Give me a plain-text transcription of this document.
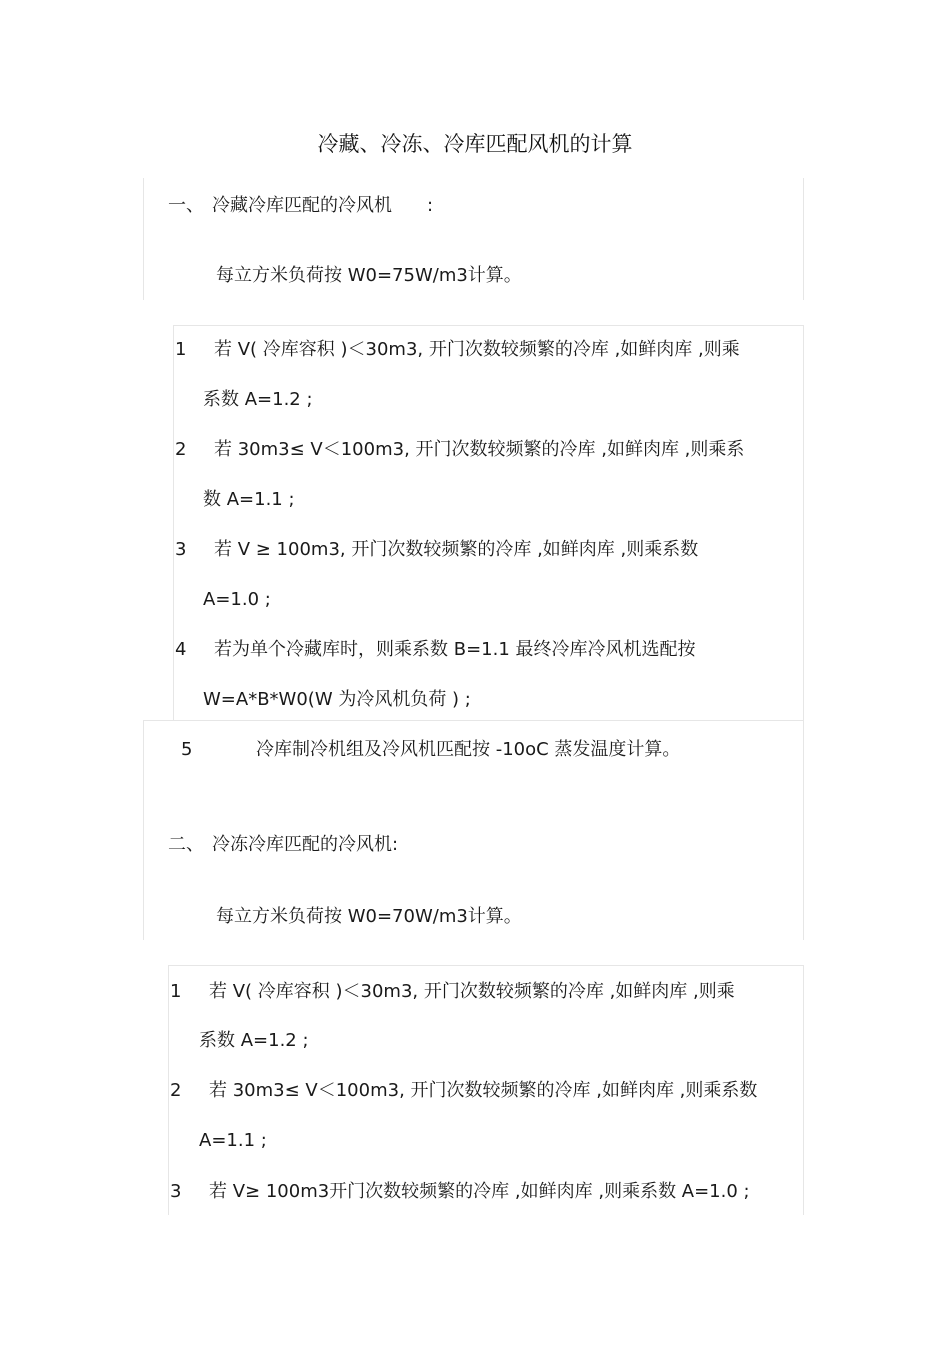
冷藏、冷冻、冷库匹配风机的计算
一、 冷藏冷库匹配的冷风机 :
每立方米负荷按 W0=75W/m3计算。
1 若 V( 冷库容积 )＜30m3, 开门次数较频繁的冷库 ,如鲜肉库 ,则乘
系数 A=1.2 ;
2 若 30m3≤ V＜100m3, 开门次数较频繁的冷库 ,如鲜肉库 ,则乘系
数 A=1.1 ;
3 若 V ≥ 100m3, 开门次数较频繁的冷库 ,如鲜肉库 ,则乘系数
A=1.0 ;
4 若为单个冷藏库时，则乘系数 B=1.1 最终冷库冷风机选配按
W=A*B*W0(W 为冷风机负荷 ) ;
5	冷库制冷机组及冷风机匹配按 -10oC 蒸发温度计算。
二、 冷冻冷库匹配的冷风机:
每立方米负荷按 W0=70W/m3计算。
1 若 V( 冷库容积 )＜30m3, 开门次数较频繁的冷库 ,如鲜肉库 ,则乘
系数 A=1.2 ;
2 若 30m3≤ V＜100m3, 开门次数较频繁的冷库 ,如鲜肉库 ,则乘系数
A=1.1 ;
3 若 V≥ 100m3开门次数较频繁的冷库 ,如鲜肉库 ,则乘系数 A=1.0 ;
